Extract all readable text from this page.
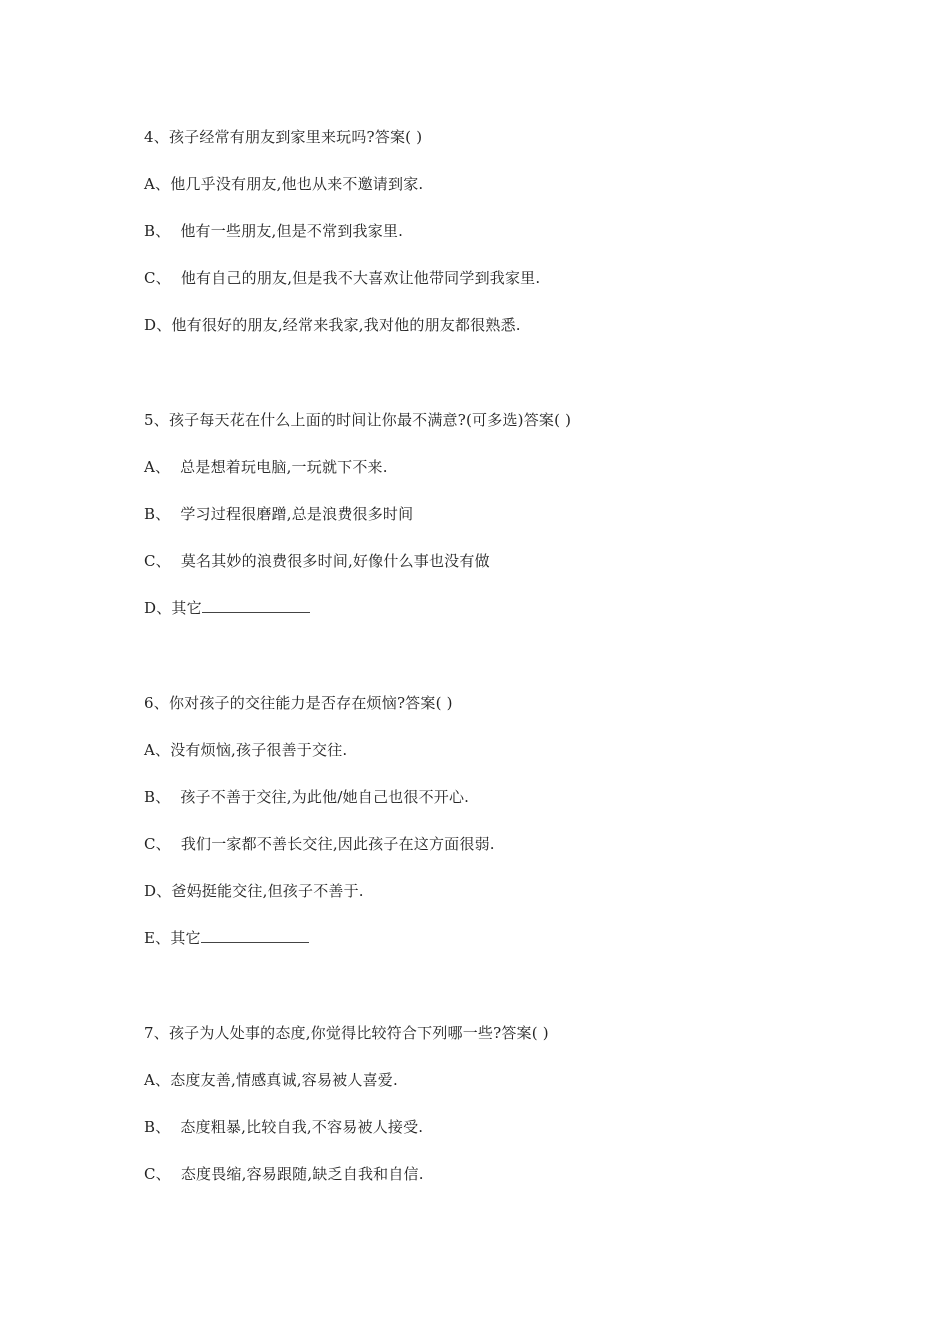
4、孩子经常有朋友到家里来玩吗?答案( )
A、他几乎没有朋友,他也从来不邀请到家.
B、  他有一些朋友,但是不常到我家里.
C、  他有自己的朋友,但是我不大喜欢让他带同学到我家里.
D、他有很好的朋友,经常来我家,我对他的朋友都很熟悉.
5、孩子每天花在什么上面的时间让你最不满意?(可多选)答案( )
A、  总是想着玩电脑,一玩就下不来.
B、  学习过程很磨蹭,总是浪费很多时间
C、  莫名其妙的浪费很多时间,好像什么事也没有做
D、其它
6、你对孩子的交往能力是否存在烦恼?答案( )
A、没有烦恼,孩子很善于交往.
B、  孩子不善于交往,为此他/她自己也很不开心.
C、  我们一家都不善长交往,因此孩子在这方面很弱.
D、爸妈挺能交往,但孩子不善于.
E、其它
7、孩子为人处事的态度,你觉得比较符合下列哪一些?答案( )
A、态度友善,情感真诚,容易被人喜爱.
B、  态度粗暴,比较自我,不容易被人接受.
C、  态度畏缩,容易跟随,缺乏自我和自信.
